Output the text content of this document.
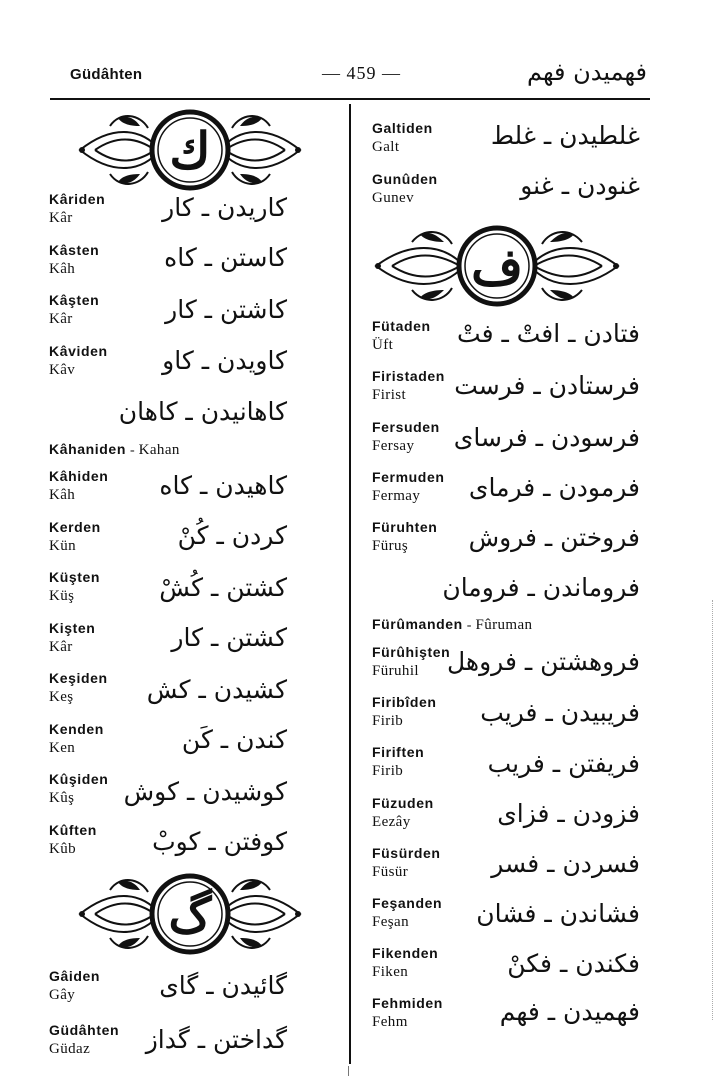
Güdâhten	— 459 —	فهمیدن فهم
ك
گ
ف
Kâriden
Kâr	کاریدن ـ کار
Kâsten
Kâh	کاستن ـ کاه
Kâşten
Kâr	کاشتن ـ کار
Kâviden
Kâv	کاویدن ـ کاو
کاهانیدن ـ کاهان
Kâhaniden - Kahan
Kâhiden
Kâh	کاهیدن ـ کاه
Kerden
Kün	کردن ـ کُنْ
Küşten
Küş	کشتن ـ کُشْ
Kişten
Kâr	کشتن ـ کار
Keşiden
Keş	کشیدن ـ کش
Kenden
Ken	کندن ـ کَن
Kûşiden
Kûş	کوشیدن ـ کوش
Kûften
Kûb	کوفتن ـ کوبْ
Gâiden
Gây	گائیدن ـ گای
Güdâhten
Güdaz	گداختن ـ گداز
Galtiden
Galt	غلطیدن ـ غلط
Gunûden
Gunev	غنودن ـ غنو
Fütaden
Üft	فتادن ـ افتْ ـ فتْ
Firistaden
Firist	فرستادن ـ فرست
Fersuden
Fersay	فرسودن ـ فرسای
Fermuden
Fermay	فرمودن ـ فرمای
Füruhten
Füruş	فروختن ـ فروش
فروماندن ـ فرومان
Fürûmanden - Fûruman
Fürûhişten
Füruhil	فروهشتن ـ فروهل
Firibîden
Firib	فریبیدن ـ فریب
Firiften
Firib	فریفتن ـ فریب
Füzuden
Eezây	فزودن ـ فزای
Füsürden
Füsür	فسردن ـ فسر
Feşanden
Feşan	فشاندن ـ فشان
Fikenden
Fiken	فکندن ـ فکنْ
Fehmiden
Fehm	فهمیدن ـ فهم
